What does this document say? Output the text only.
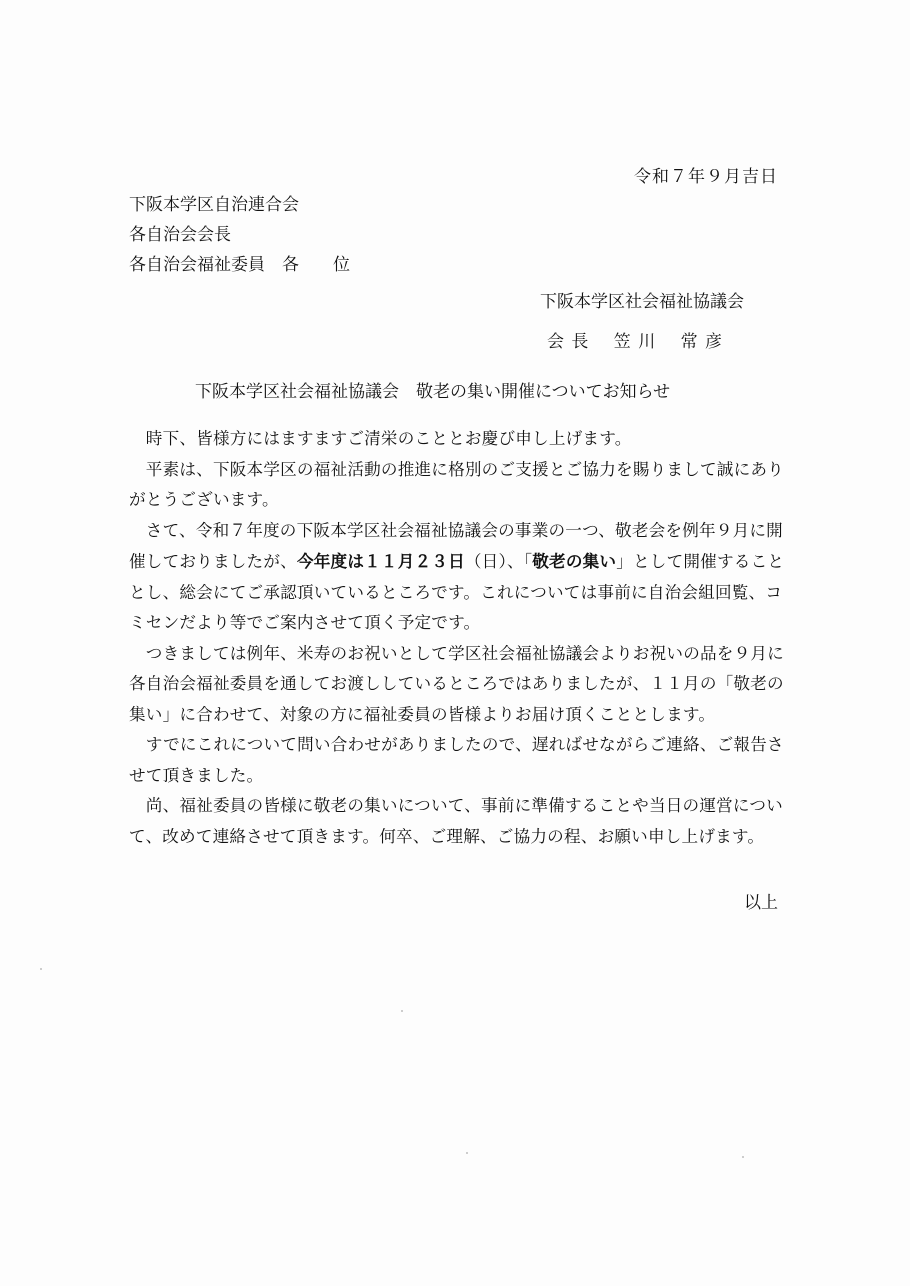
令和７年９月吉日
下阪本学区自治連合会
各自治会会長
各自治会福祉委員　各　　位
下阪本学区社会福祉協議会
会 長　 笠 川　 常 彦
下阪本学区社会福祉協議会　敬老の集い開催についてお知らせ
　時下、皆様方にはますますご清栄のこととお慶び申し上げます。
　平素は、下阪本学区の福祉活動の推進に格別のご支援とご協力を賜りまして誠にあり
がとうございます。
　さて、令和７年度の下阪本学区社会福祉協議会の事業の一つ、敬老会を例年９月に開
催しておりましたが、今年度は１１月２３日（日）、「敬老の集い」として開催すること
とし、総会にてご承認頂いているところです。これについては事前に自治会組回覧、コ
ミセンだより等でご案内させて頂く予定です。
　つきましては例年、米寿のお祝いとして学区社会福祉協議会よりお祝いの品を９月に
各自治会福祉委員を通してお渡ししているところではありましたが、１１月の「敬老の
集い」に合わせて、対象の方に福祉委員の皆様よりお届け頂くこととします。
　すでにこれについて問い合わせがありましたので、遅ればせながらご連絡、ご報告さ
せて頂きました。
　尚、福祉委員の皆様に敬老の集いについて、事前に準備することや当日の運営につい
て、改めて連絡させて頂きます。何卒、ご理解、ご協力の程、お願い申し上げます。
以上
